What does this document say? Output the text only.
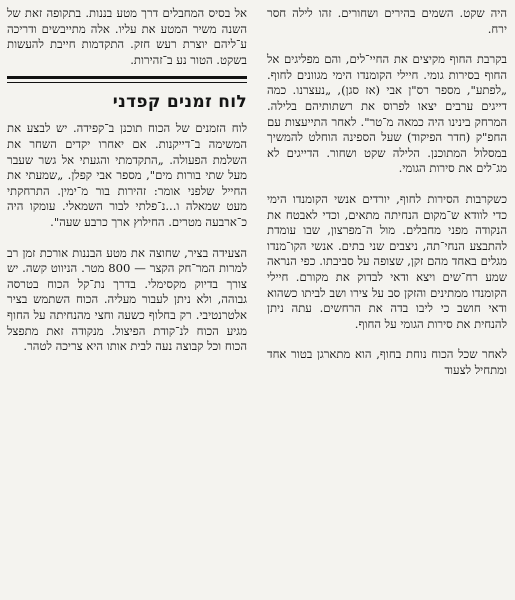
היה שקט. השמים בהירים ושחורים. זהו לילה חסר ירח.

בקרבת החוף מקיצים את החיי־לים, והם מפליגים אל החוף בסירות גומי. חיילי הקומנדו הימי מגוונים לחוף. „לפתע", מספר רס"ן אבי (אז סגן), „נעצרנו. כמה דייגים ערבים יצאו לפרוס את רשתותיהם בלילה. המרחק בינינו היה כמאה מ־טר". לאחר התייעצות עם החפ"ק (חדר הפיקוד) שעל הספינה הוחלט להמשיך במסלול המתוכנן. הלילה שקט ושחור. הדייגים לא מג־לים את סירות הגומי.

כשקרבות הסירות לחוף, יורדים אנשי הקומנדו הימי כדי לוודא ש־מקום הנחיתה מתאים, וכדי לאבטח את הנקודה מפני מחבלים. מול ה־מפרצון, שבו עומדת להתבצע הנחי־תה, ניצבים שני בתים. אנשי הקו־מנדו מגלים באחד מהם זקן, שצופה על סביבתו. כפי הנראה שמע רח־שים ויצא ודאי לבדוק את מקורם. חיילי הקומנדו ממתינים והזקן סב על צירו ושב לביתו כשהוא ודאי חושב כי ליבו בדה את הרחשים. עתה ניתן להנחית את סירות הגומי על החוף.

לאחר שכל הכוח נוחת בחוף, הוא מתארגן בטור אחד ומתחיל לצעוד

אל בסיס המחבלים דרך מטע בננות. בתקופה זאת של השנה משיר המטע את עליו. אלה מתייבשים ודריכה ע־ליהם יוצרת רעש חזק. התקדמות חייבת להעשות בשקט. הטור נע ב־זהירות.

לוח זמנים קפדני

לוח הזמנים של הכוח תוכנן ב־קפידה. יש לבצע את המשימה ב־דייקנות. אם יאחרו יקדים השחר את השלמת הפעולה. „התקדמתי והגעתי אל גשר שעבר מעל שתי בורות מים", מספר אבי קפלן. „שמעתי את החייל שלפני אומר: זהירות בור מ־ימין. התרחקתי מעט שמאלה ו...נ־פלתי לבור השמאלי. עומקו היה כ־ארבעה מטרים. החילוץ ארך כרבע שעה".

הצעידה בציר, שחוצה את מטע הבננות אורכת זמן רב למרות המר־חק הקצר — 800 מטר. הניווט קשה. יש צורך בדיוק מקסימלי. בדרך נת־קל הכוח בטרסה גבוהה, ולא ניתן לעבור מעליה. הכוח השתמש בציר אלטרנטיבי. רק בחלוף כשעה וחצי מהנחיתה על החוף מגיע הכוח לנ־קודת הפיצול. מנקודה זאת מתפצל הכוח וכל קבוצה נעה לבית אותו היא צריכה לטהר.
